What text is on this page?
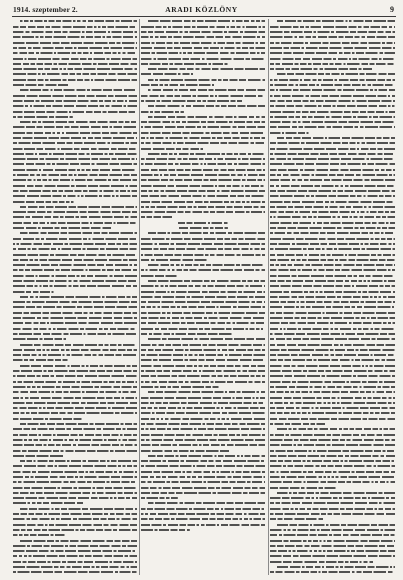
ARADI KÖZLÖNY
1914. szeptember 2.	9
